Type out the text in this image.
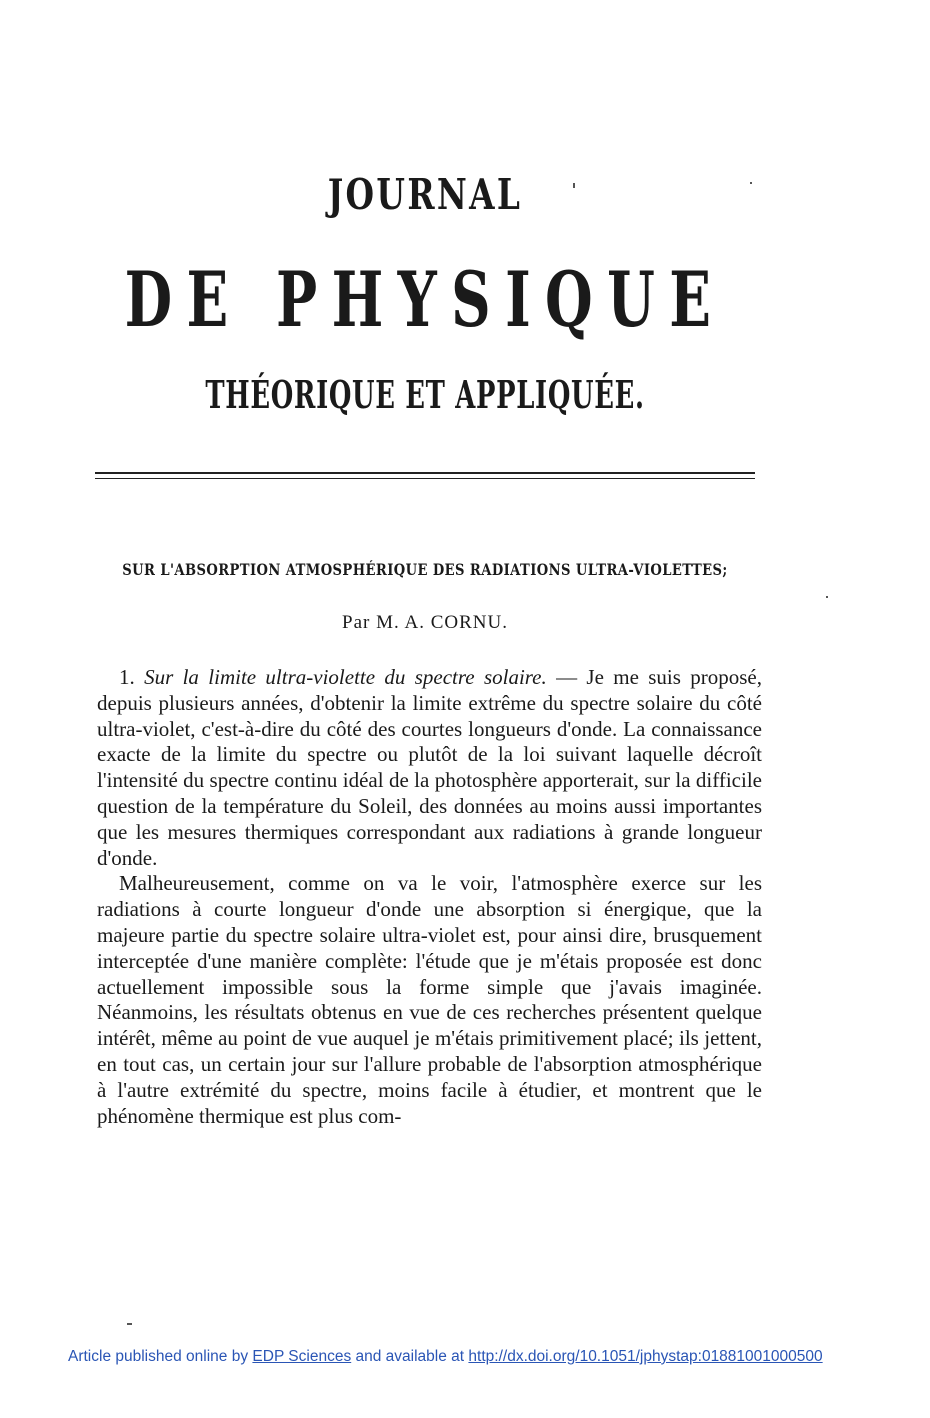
JOURNAL
DE PHYSIQUE
THÉORIQUE ET APPLIQUÉE.
SUR L'ABSORPTION ATMOSPHÉRIQUE DES RADIATIONS ULTRA-VIOLETTES;
Par M. A. CORNU.

1. Sur la limite ultra-violette du spectre solaire. — Je me suis proposé, depuis plusieurs années, d'obtenir la limite extrême du spectre solaire du côté ultra-violet, c'est-à-dire du côté des courtes longueurs d'onde. La connaissance exacte de la limite du spectre ou plutôt de la loi suivant laquelle décroît l'intensité du spectre continu idéal de la photosphère apporterait, sur la difficile question de la température du Soleil, des données au moins aussi importantes que les mesures thermiques correspondant aux radiations à grande longueur d'onde.

Malheureusement, comme on va le voir, l'atmosphère exerce sur les radiations à courte longueur d'onde une absorption si énergique, que la majeure partie du spectre solaire ultra-violet est, pour ainsi dire, brusquement interceptée d'une manière complète: l'étude que je m'étais proposée est donc actuellement impossible sous la forme simple que j'avais imaginée. Néanmoins, les résultats obtenus en vue de ces recherches présentent quelque intérêt, même au point de vue auquel je m'étais primitivement placé; ils jettent, en tout cas, un certain jour sur l'allure probable de l'absorption atmosphérique à l'autre extrémité du spectre, moins facile à étudier, et montrent que le phénomène thermique est plus com-

Article published online by EDP Sciences and available at http://dx.doi.org/10.1051/jphystap:01881001000500
